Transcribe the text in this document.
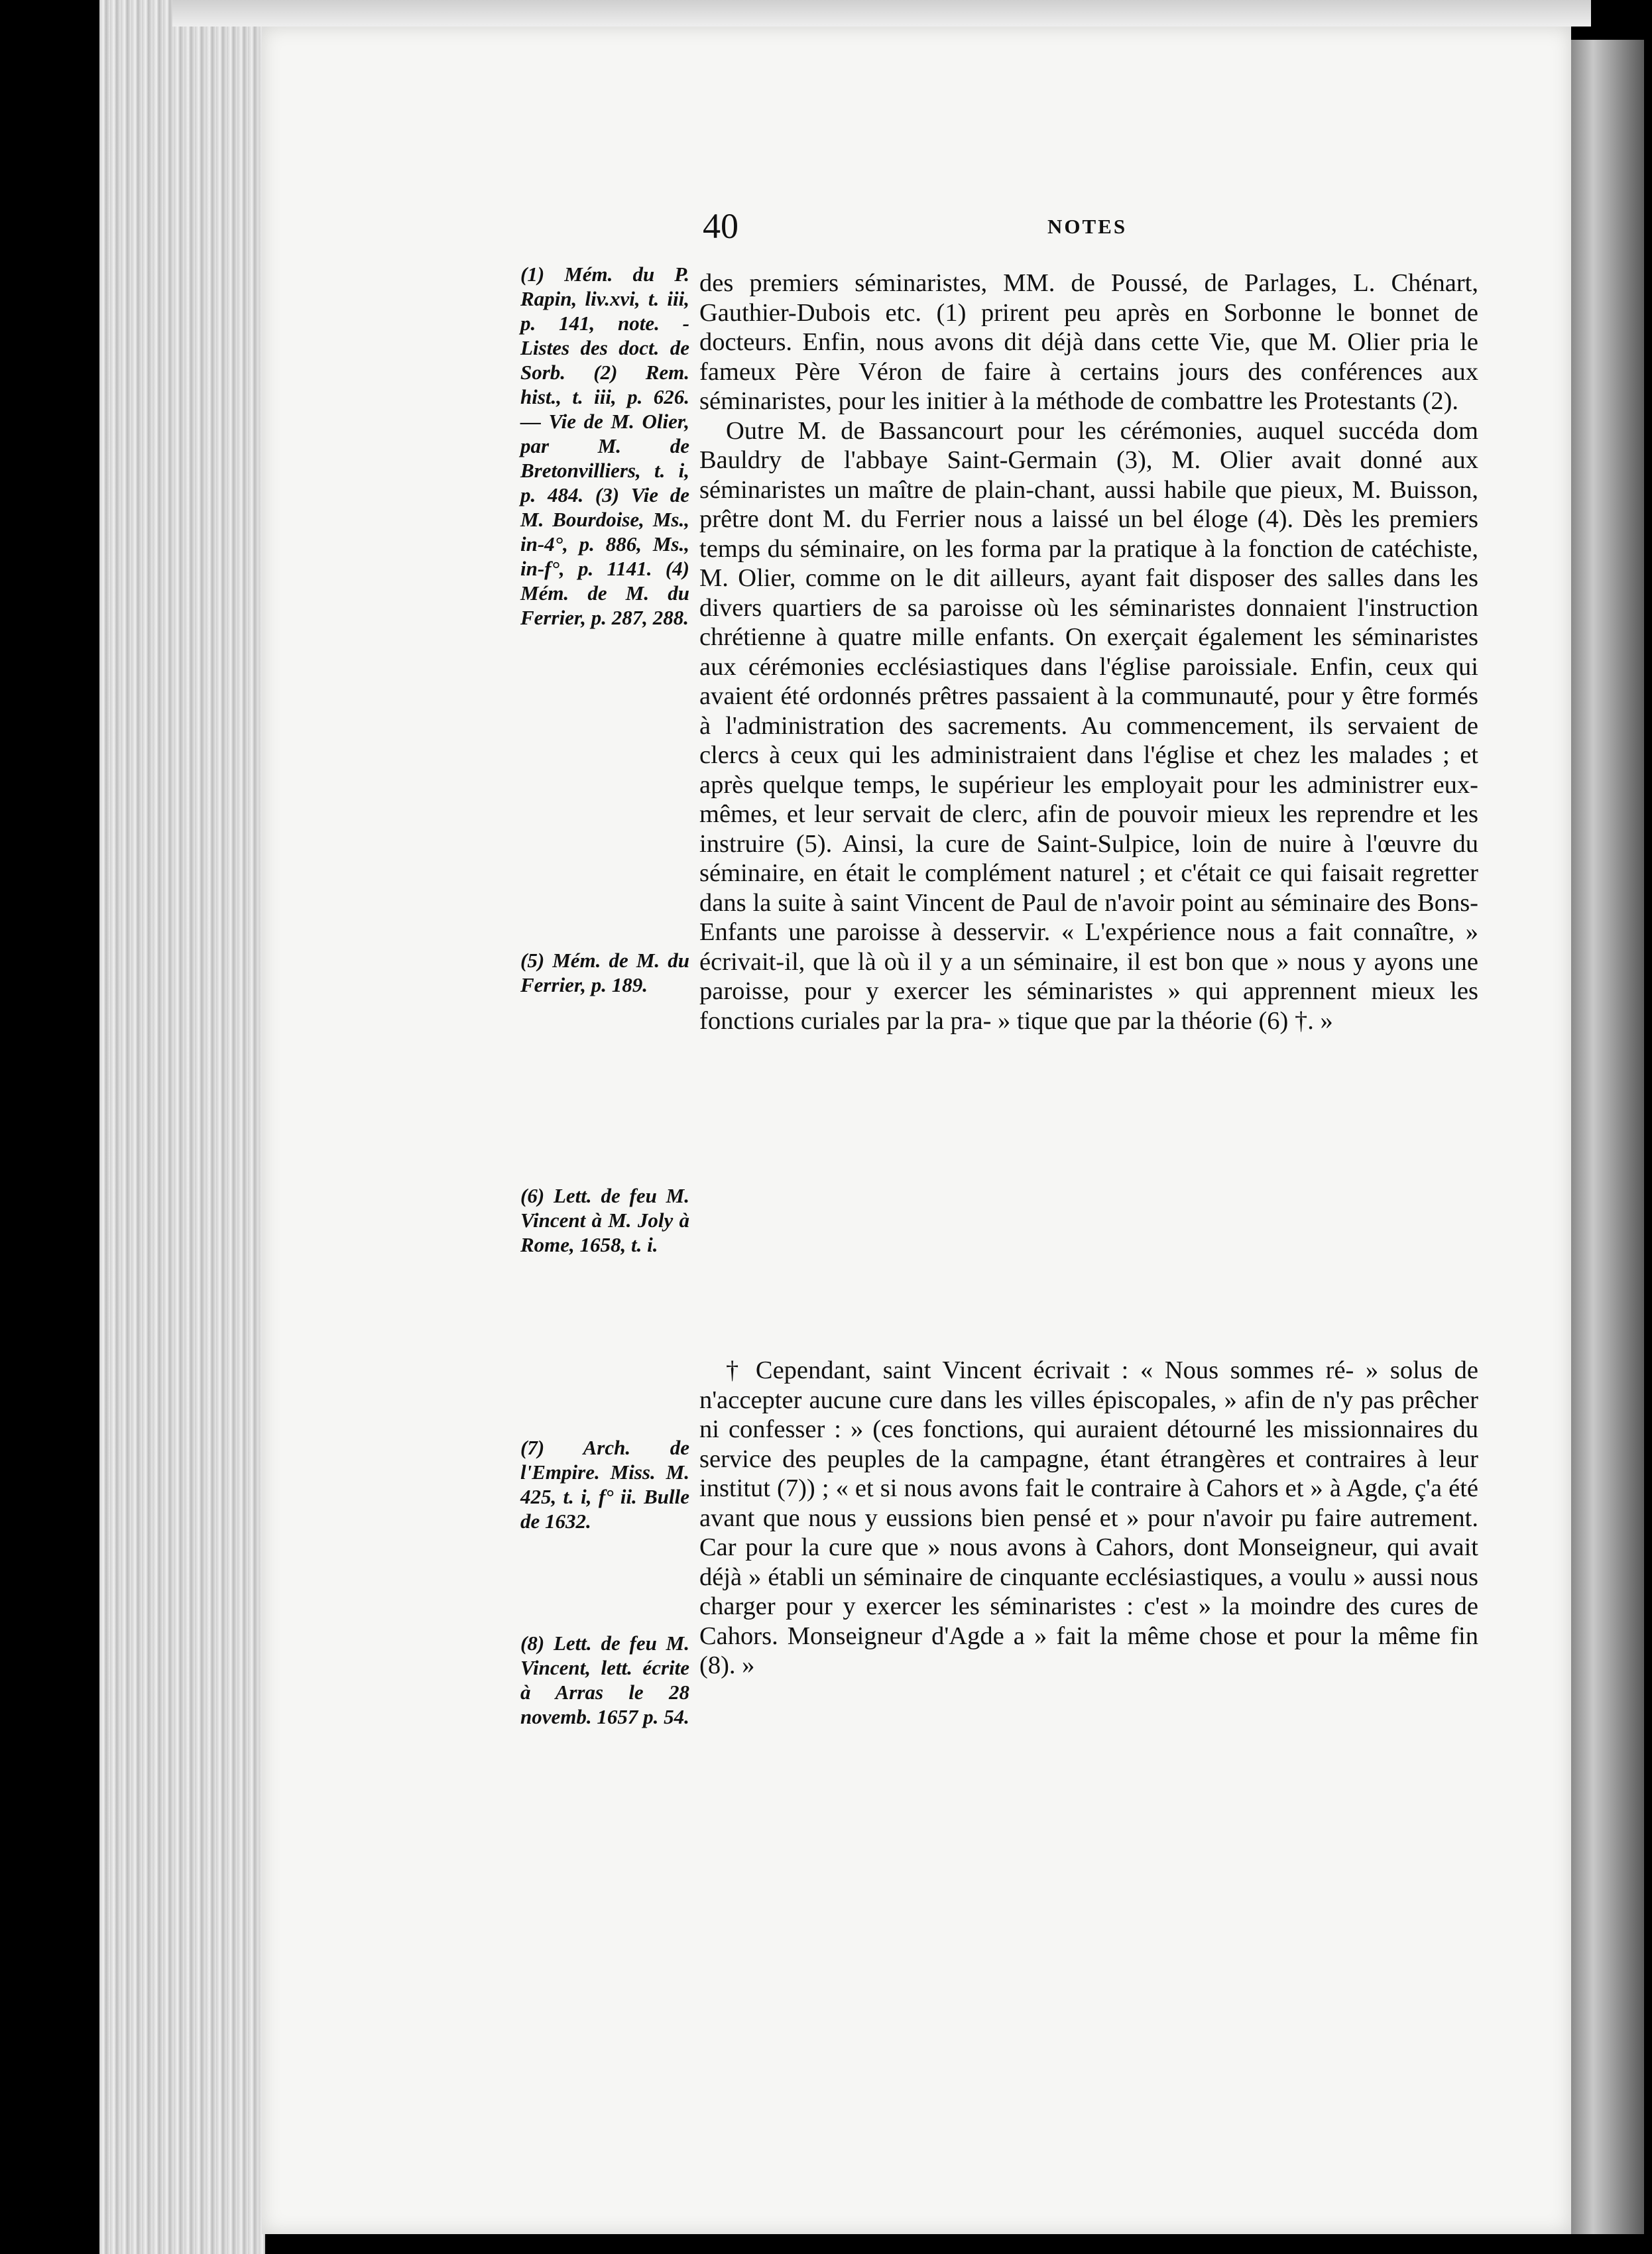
40	NOTES
(1) Mém. du P. Rapin, liv.xvi, t. iii, p. 141, note. - Listes des doct. de Sorb. (2) Rem. hist., t. iii, p. 626. — Vie de M. Olier, par M. de Bretonvilliers, t. i, p. 484. (3) Vie de M. Bourdoise, Ms., in-4°, p. 886, Ms., in-f°, p. 1141. (4) Mém. de M. du Ferrier, p. 287, 288.
(5) Mém. de M. du Ferrier, p. 189.
(6) Lett. de feu M. Vincent à M. Joly à Rome, 1658, t. i.
(7) Arch. de l'Empire. Miss. M. 425, t. i, f° ii. Bulle de 1632.
(8) Lett. de feu M. Vincent, lett. écrite à Arras le 28 novemb. 1657 p. 54.

des premiers séminaristes, MM. de Poussé, de Parlages, L. Chénart, Gauthier-Dubois etc. (1) prirent peu après en Sorbonne le bonnet de docteurs. Enfin, nous avons dit déjà dans cette Vie, que M. Olier pria le fameux Père Véron de faire à certains jours des conférences aux séminaristes, pour les initier à la méthode de combattre les Protestants (2).

Outre M. de Bassancourt pour les cérémonies, auquel succéda dom Bauldry de l'abbaye Saint-Germain (3), M. Olier avait donné aux séminaristes un maître de plain-chant, aussi habile que pieux, M. Buisson, prêtre dont M. du Ferrier nous a laissé un bel éloge (4). Dès les premiers temps du séminaire, on les forma par la pratique à la fonction de catéchiste, M. Olier, comme on le dit ailleurs, ayant fait disposer des salles dans les divers quartiers de sa paroisse où les séminaristes donnaient l'instruction chrétienne à quatre mille enfants. On exerçait également les séminaristes aux cérémonies ecclésiastiques dans l'église paroissiale. Enfin, ceux qui avaient été ordonnés prêtres passaient à la communauté, pour y être formés à l'administration des sacrements. Au commencement, ils servaient de clercs à ceux qui les administraient dans l'église et chez les malades ; et après quelque temps, le supérieur les employait pour les administrer eux-mêmes, et leur servait de clerc, afin de pouvoir mieux les reprendre et les instruire (5). Ainsi, la cure de Saint-Sulpice, loin de nuire à l'œuvre du séminaire, en était le complément naturel ; et c'était ce qui faisait regretter dans la suite à saint Vincent de Paul de n'avoir point au séminaire des Bons-Enfants une paroisse à desservir. « L'expérience nous a fait connaître, » écrivait-il, que là où il y a un séminaire, il est bon que » nous y ayons une paroisse, pour y exercer les séminaristes » qui apprennent mieux les fonctions curiales par la pra- » tique que par la théorie (6) †. »

† Cependant, saint Vincent écrivait : « Nous sommes ré- » solus de n'accepter aucune cure dans les villes épiscopales, » afin de n'y pas prêcher ni confesser : » (ces fonctions, qui auraient détourné les missionnaires du service des peuples de la campagne, étant étrangères et contraires à leur institut (7)) ; « et si nous avons fait le contraire à Cahors et » à Agde, ç'a été avant que nous y eussions bien pensé et » pour n'avoir pu faire autrement. Car pour la cure que » nous avons à Cahors, dont Monseigneur, qui avait déjà » établi un séminaire de cinquante ecclésiastiques, a voulu » aussi nous charger pour y exercer les séminaristes : c'est » la moindre des cures de Cahors. Monseigneur d'Agde a » fait la même chose et pour la même fin (8). »
